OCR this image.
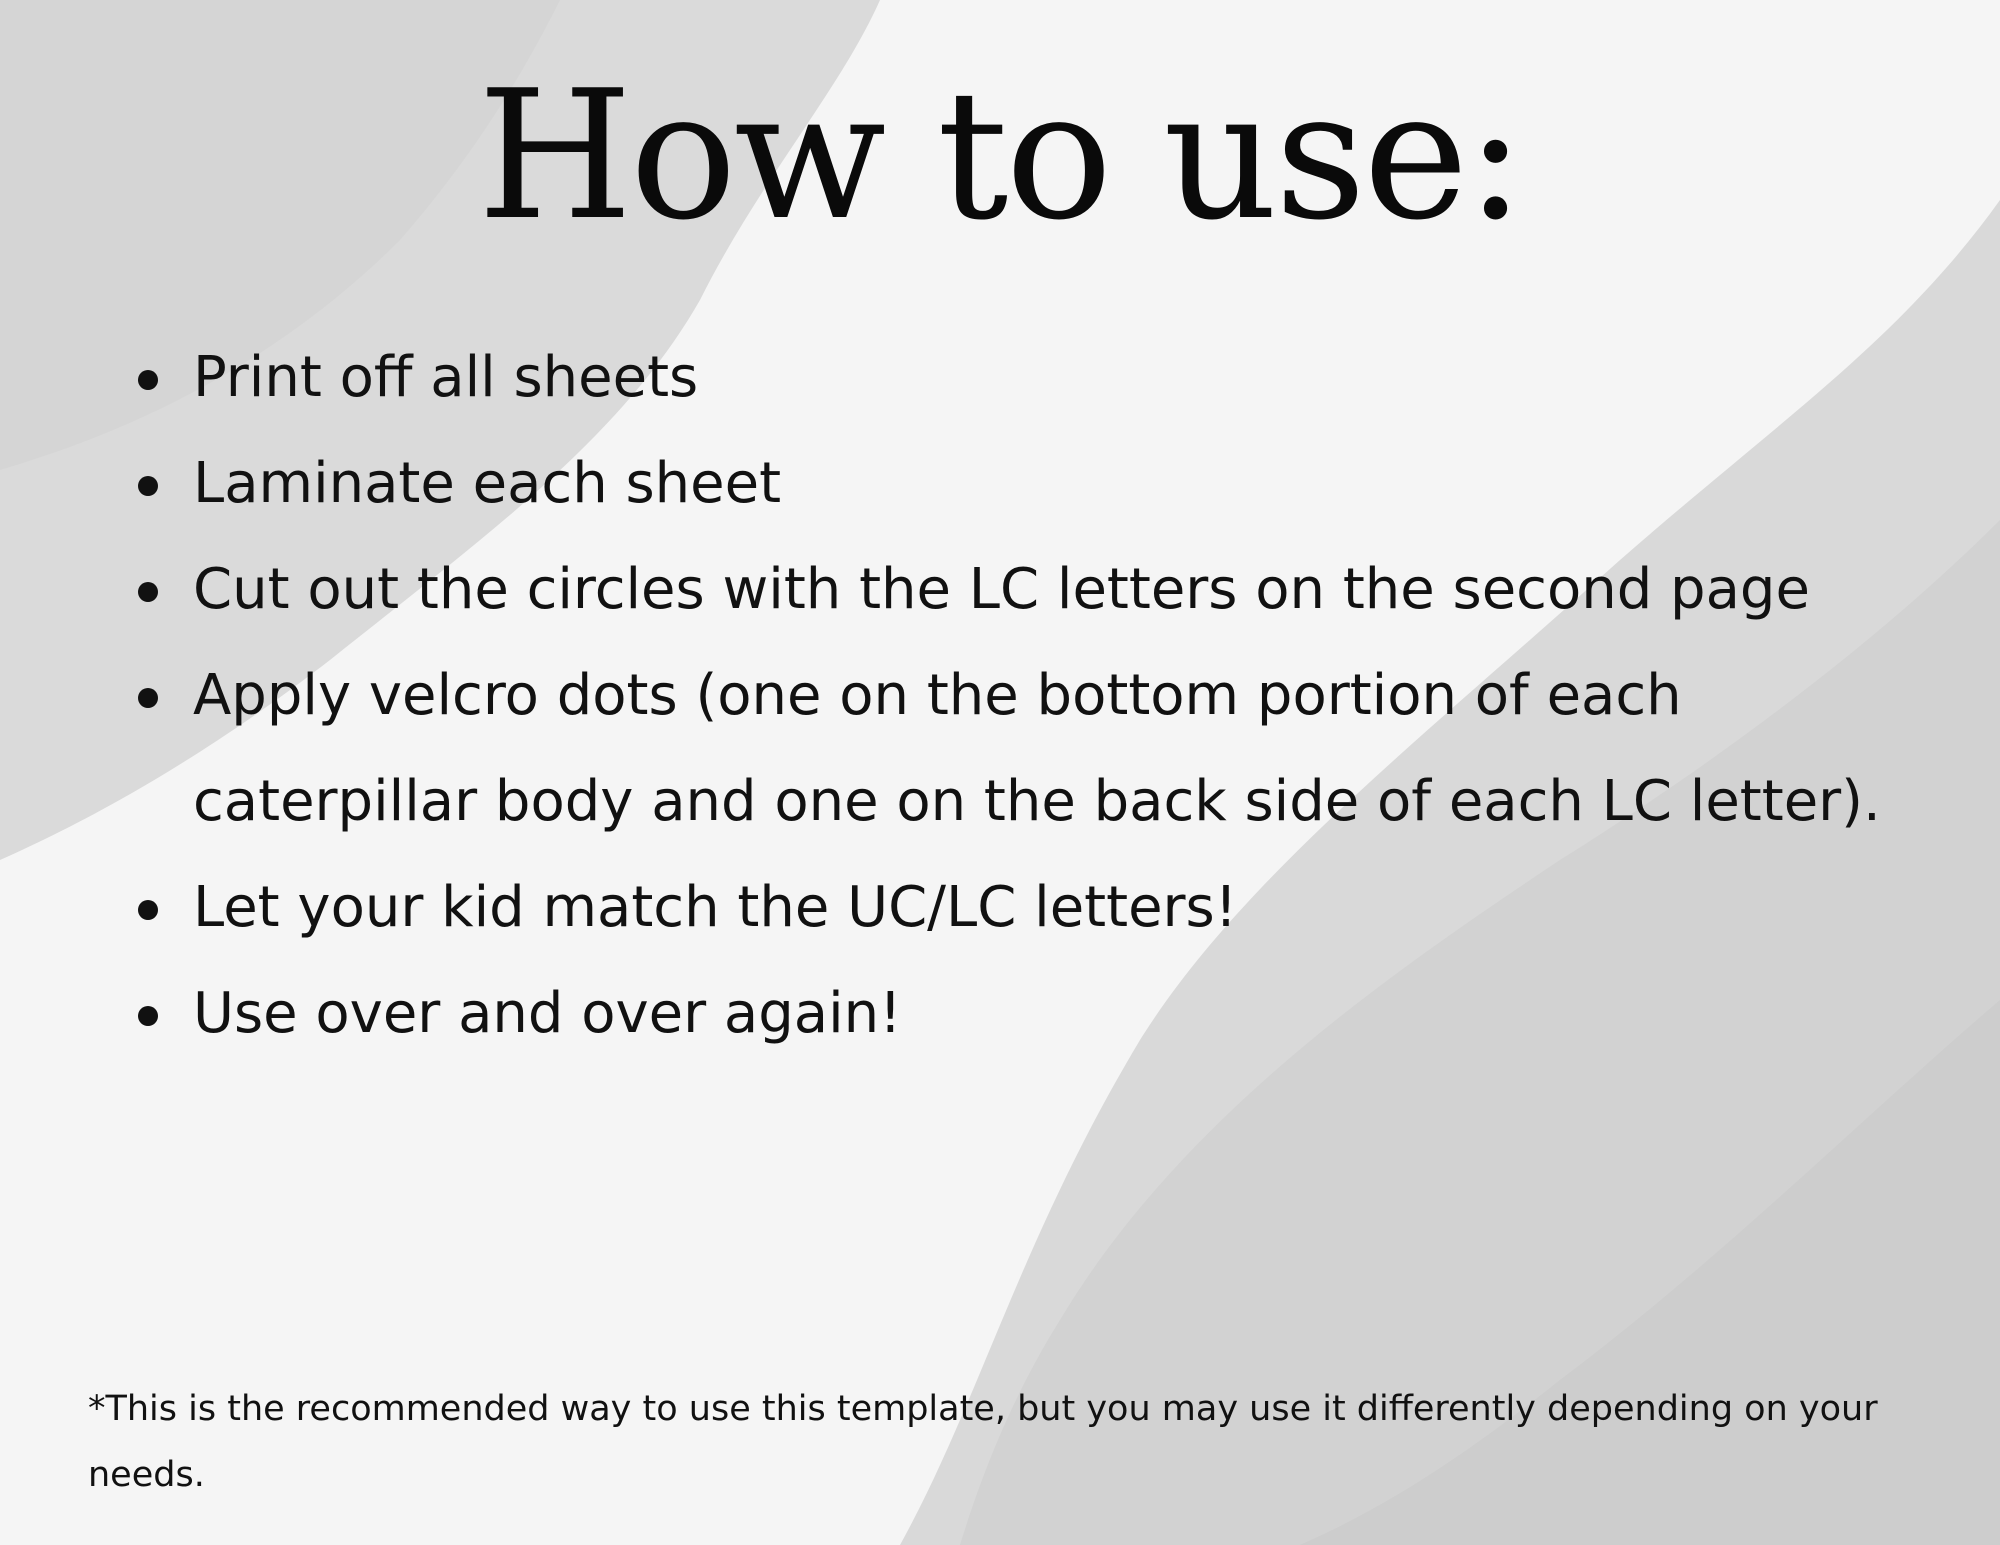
How to use:
Print off all sheets
Laminate each sheet
Cut out the circles with the LC letters on the second page
Apply velcro dots (one on the bottom portion of each caterpillar body and one on the back side of each LC letter).
Let your kid match the UC/LC letters!
Use over and over again!

*This is the recommended way to use this template, but you may use it differently depending on your needs.
